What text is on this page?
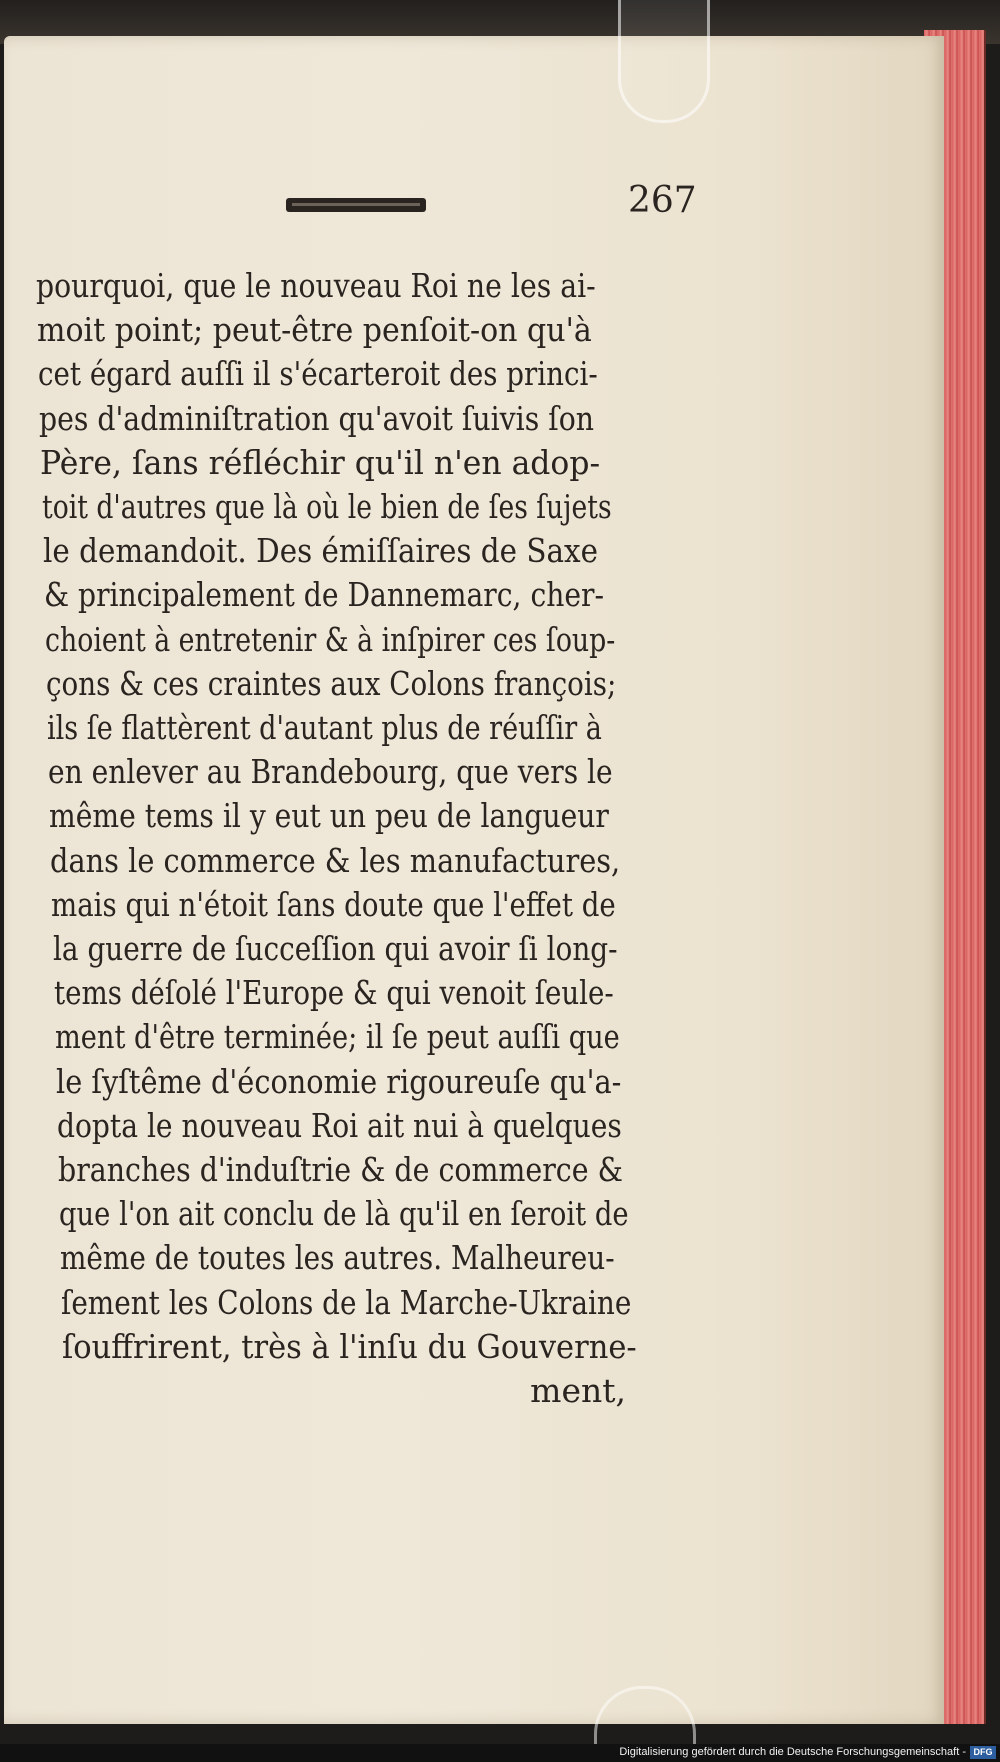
267
pourquoi, que le nouveau Roi ne les ai-
moit point; peut-être penſoit-on qu'à
cet égard auſſi il s'écarteroit des princi-
pes d'adminiſtration qu'avoit ſuivis ſon
Père, ſans réfléchir qu'il n'en adop-
toit d'autres que là où le bien de ſes ſujets
le demandoit. Des émiſſaires de Saxe
& principalement de Dannemarc, cher-
choient à entretenir & à inſpirer ces ſoup-
çons & ces craintes aux Colons françois;
ils ſe flattèrent d'autant plus de réuſſir à
en enlever au Brandebourg, que vers le
même tems il y eut un peu de langueur
dans le commerce & les manufactures,
mais qui n'étoit ſans doute que l'effet de
la guerre de ſucceſſion qui avoir ſi long-
tems déſolé l'Europe & qui venoit ſeule-
ment d'être terminée; il ſe peut auſſi que
le ſyſtême d'économie rigoureuſe qu'a-
dopta le nouveau Roi ait nui à quelques
branches d'induſtrie & de commerce &
que l'on ait conclu de là qu'il en ſeroit de
même de toutes les autres. Malheureu-
ſement les Colons de la Marche-Ukraine
ſouffrirent, très à l'inſu du Gouverne-
ment,
Digitalisierung gefördert durch die Deutsche Forschungsgemeinschaft - DFG
